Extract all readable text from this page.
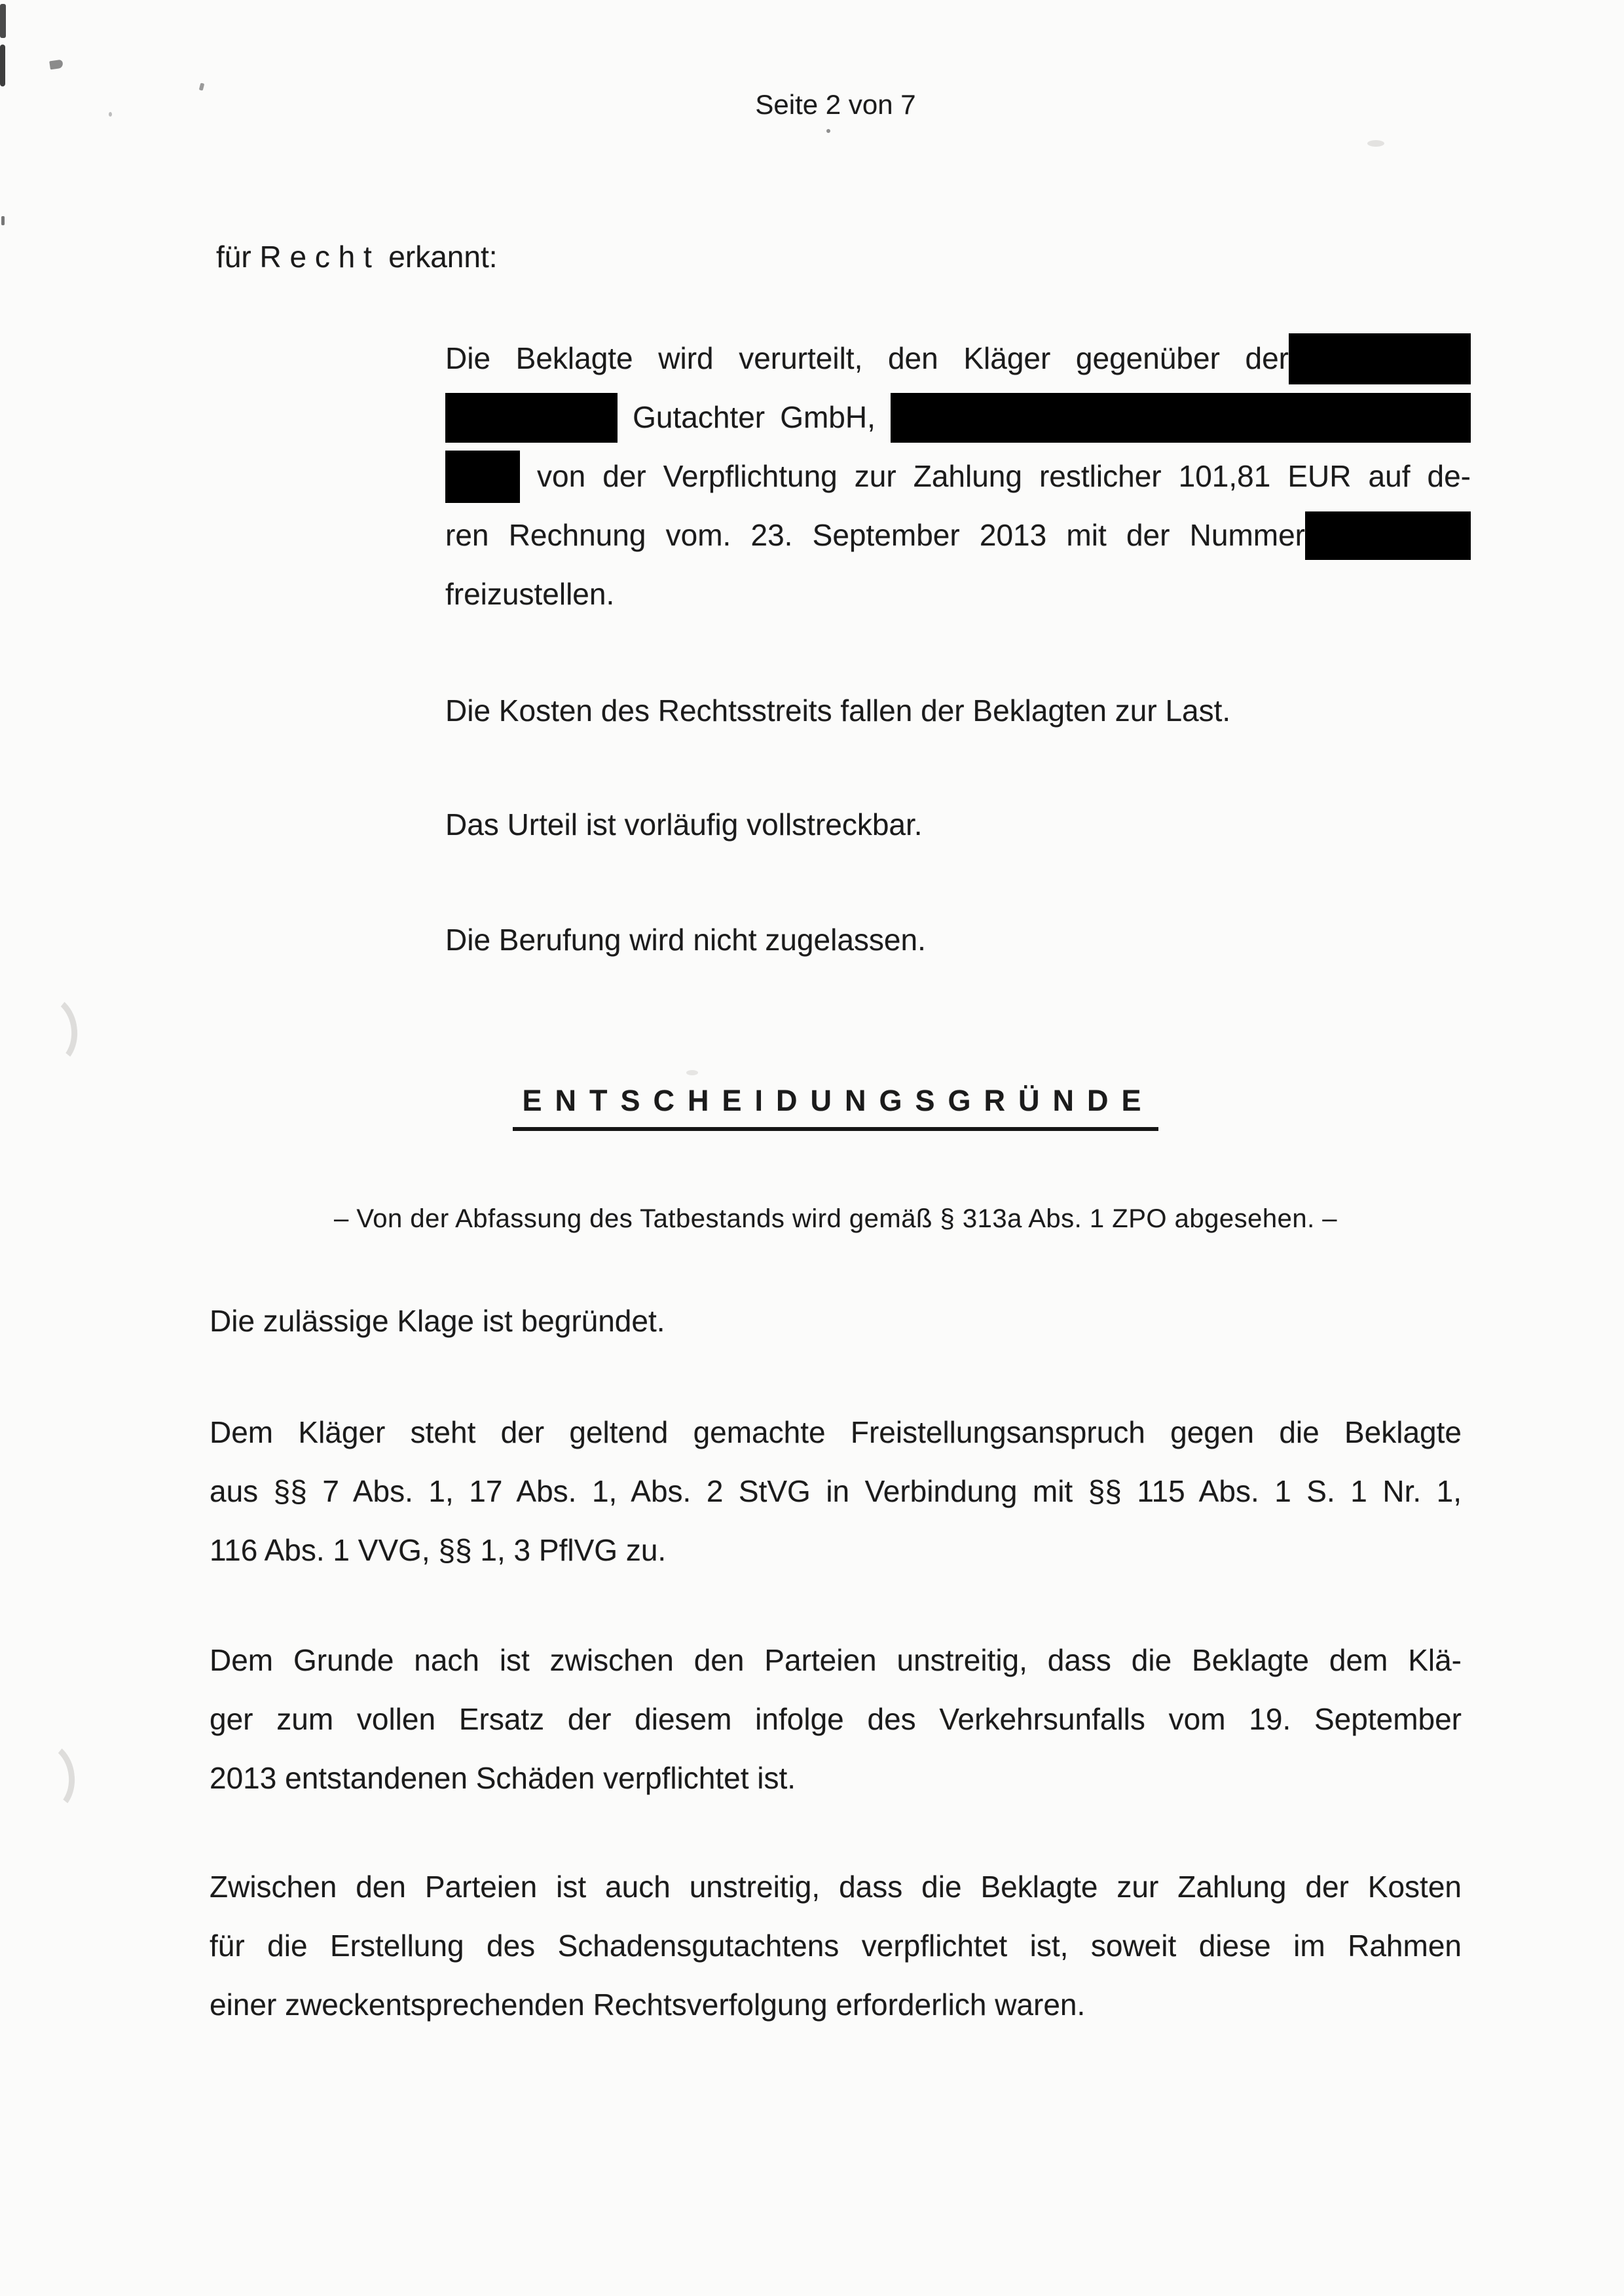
Seite 2 von 7
für R e c h t  erkannt:
Die Beklagte wird verurteilt, den Kläger gegenüber der
Gutachter GmbH,
von der Verpflichtung zur Zahlung restlicher 101,81 EUR auf de-
ren Rechnung vom. 23. September 2013 mit der Nummer
freizustellen.
Die Kosten des Rechtsstreits fallen der Beklagten zur Last.
Das Urteil ist vorläufig vollstreckbar.
Die Berufung wird nicht zugelassen.
ENTSCHEIDUNGSGRÜNDE
– Von der Abfassung des Tatbestands wird gemäß § 313a Abs. 1 ZPO abgesehen. –
Die zulässige Klage ist begründet.
Dem Kläger steht der geltend gemachte Freistellungsanspruch gegen die Beklagte
aus §§ 7 Abs. 1, 17 Abs. 1, Abs. 2 StVG in Verbindung mit §§ 115 Abs. 1 S. 1 Nr. 1,
116 Abs. 1 VVG, §§ 1, 3 PflVG zu.
Dem Grunde nach ist zwischen den Parteien unstreitig, dass die Beklagte dem Klä-
ger zum vollen Ersatz der diesem infolge des Verkehrsunfalls vom 19. September
2013 entstandenen Schäden verpflichtet ist.
Zwischen den Parteien ist auch unstreitig, dass die Beklagte zur Zahlung der Kosten
für die Erstellung des Schadensgutachtens verpflichtet ist, soweit diese im Rahmen
einer zweckentsprechenden Rechtsverfolgung erforderlich waren.
